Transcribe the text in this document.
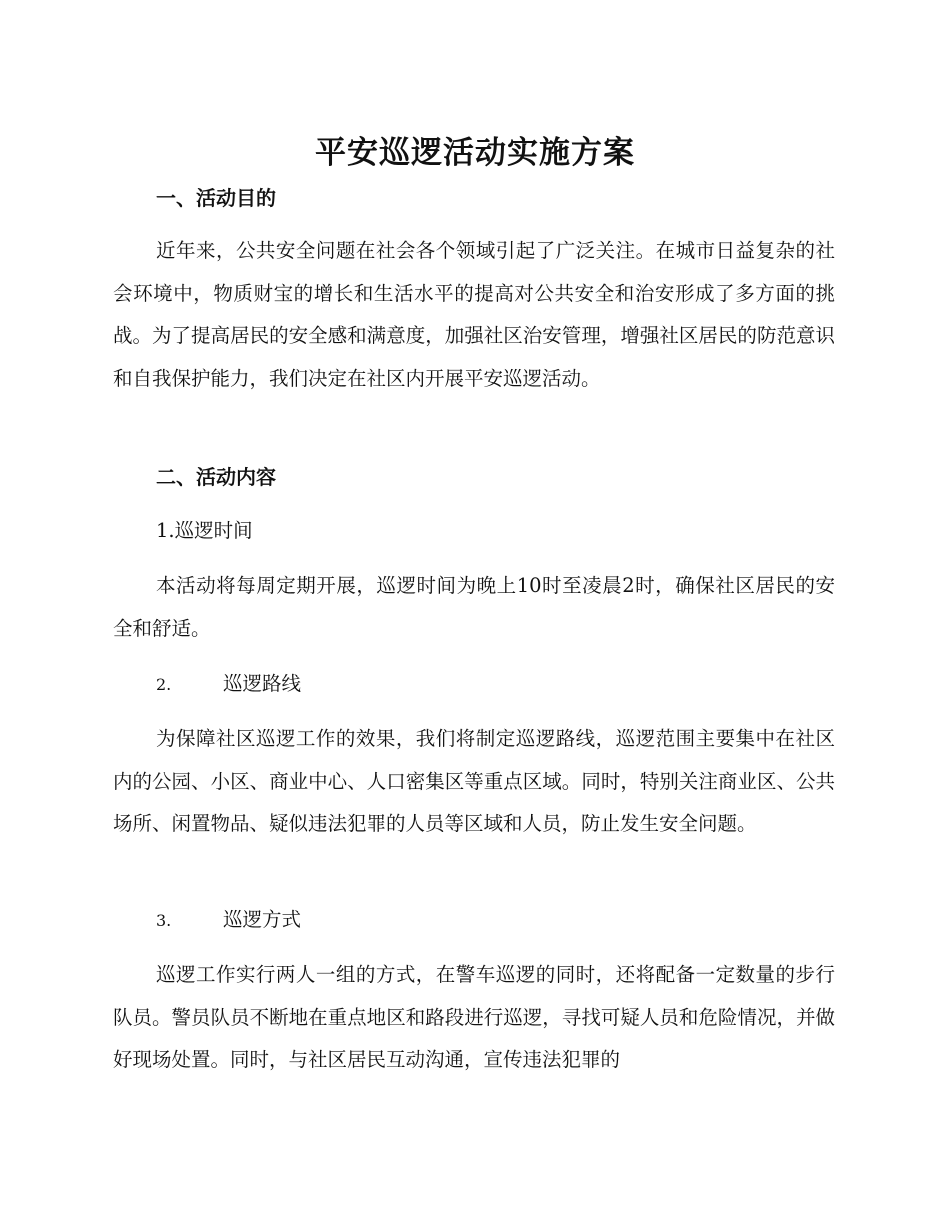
平安巡逻活动实施方案
一、活动目的

近年来，公共安全问题在社会各个领域引起了广泛关注。在城市日益复杂的社会环境中，物质财宝的增长和生活水平的提高对公共安全和治安形成了多方面的挑战。为了提高居民的安全感和满意度，加强社区治安管理，增强社区居民的防范意识和自我保护能力，我们决定在社区内开展平安巡逻活动。

二、活动内容
1.巡逻时间

本活动将每周定期开展，巡逻时间为晚上10时至凌晨2时，确保社区居民的安全和舒适。

2.	巡逻路线

为保障社区巡逻工作的效果，我们将制定巡逻路线，巡逻范围主要集中在社区内的公园、小区、商业中心、人口密集区等重点区域。同时，特别关注商业区、公共场所、闲置物品、疑似违法犯罪的人员等区域和人员，防止发生安全问题。

3.	巡逻方式

巡逻工作实行两人一组的方式，在警车巡逻的同时，还将配备一定数量的步行队员。警员队员不断地在重点地区和路段进行巡逻，寻找可疑人员和危险情况，并做好现场处置。同时，与社区居民互动沟通，宣传违法犯罪的
